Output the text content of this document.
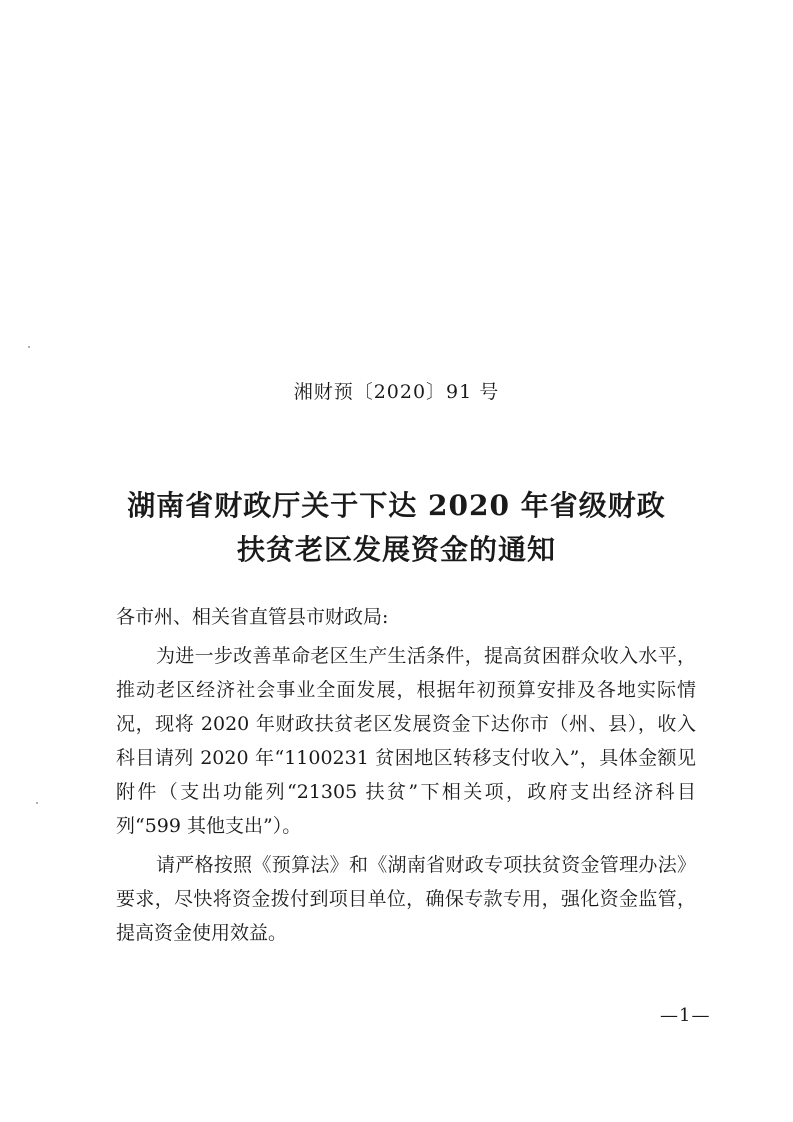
湘财预〔2020〕91 号
湖南省财政厅关于下达 2020 年省级财政
扶贫老区发展资金的通知

各市州、相关省直管县市财政局:

为进一步改善革命老区生产生活条件，提高贫困群众收入水平，推动老区经济社会事业全面发展，根据年初预算安排及各地实际情况，现将 2020 年财政扶贫老区发展资金下达你市（州、县），收入科目请列 2020 年“1100231 贫困地区转移支付收入”，具体金额见附件（支出功能列“21305 扶贫”下相关项，政府支出经济科目列“599 其他支出”）。

请严格按照《预算法》和《湖南省财政专项扶贫资金管理办法》要求，尽快将资金拨付到项目单位，确保专款专用，强化资金监管，提高资金使用效益。

—1—
